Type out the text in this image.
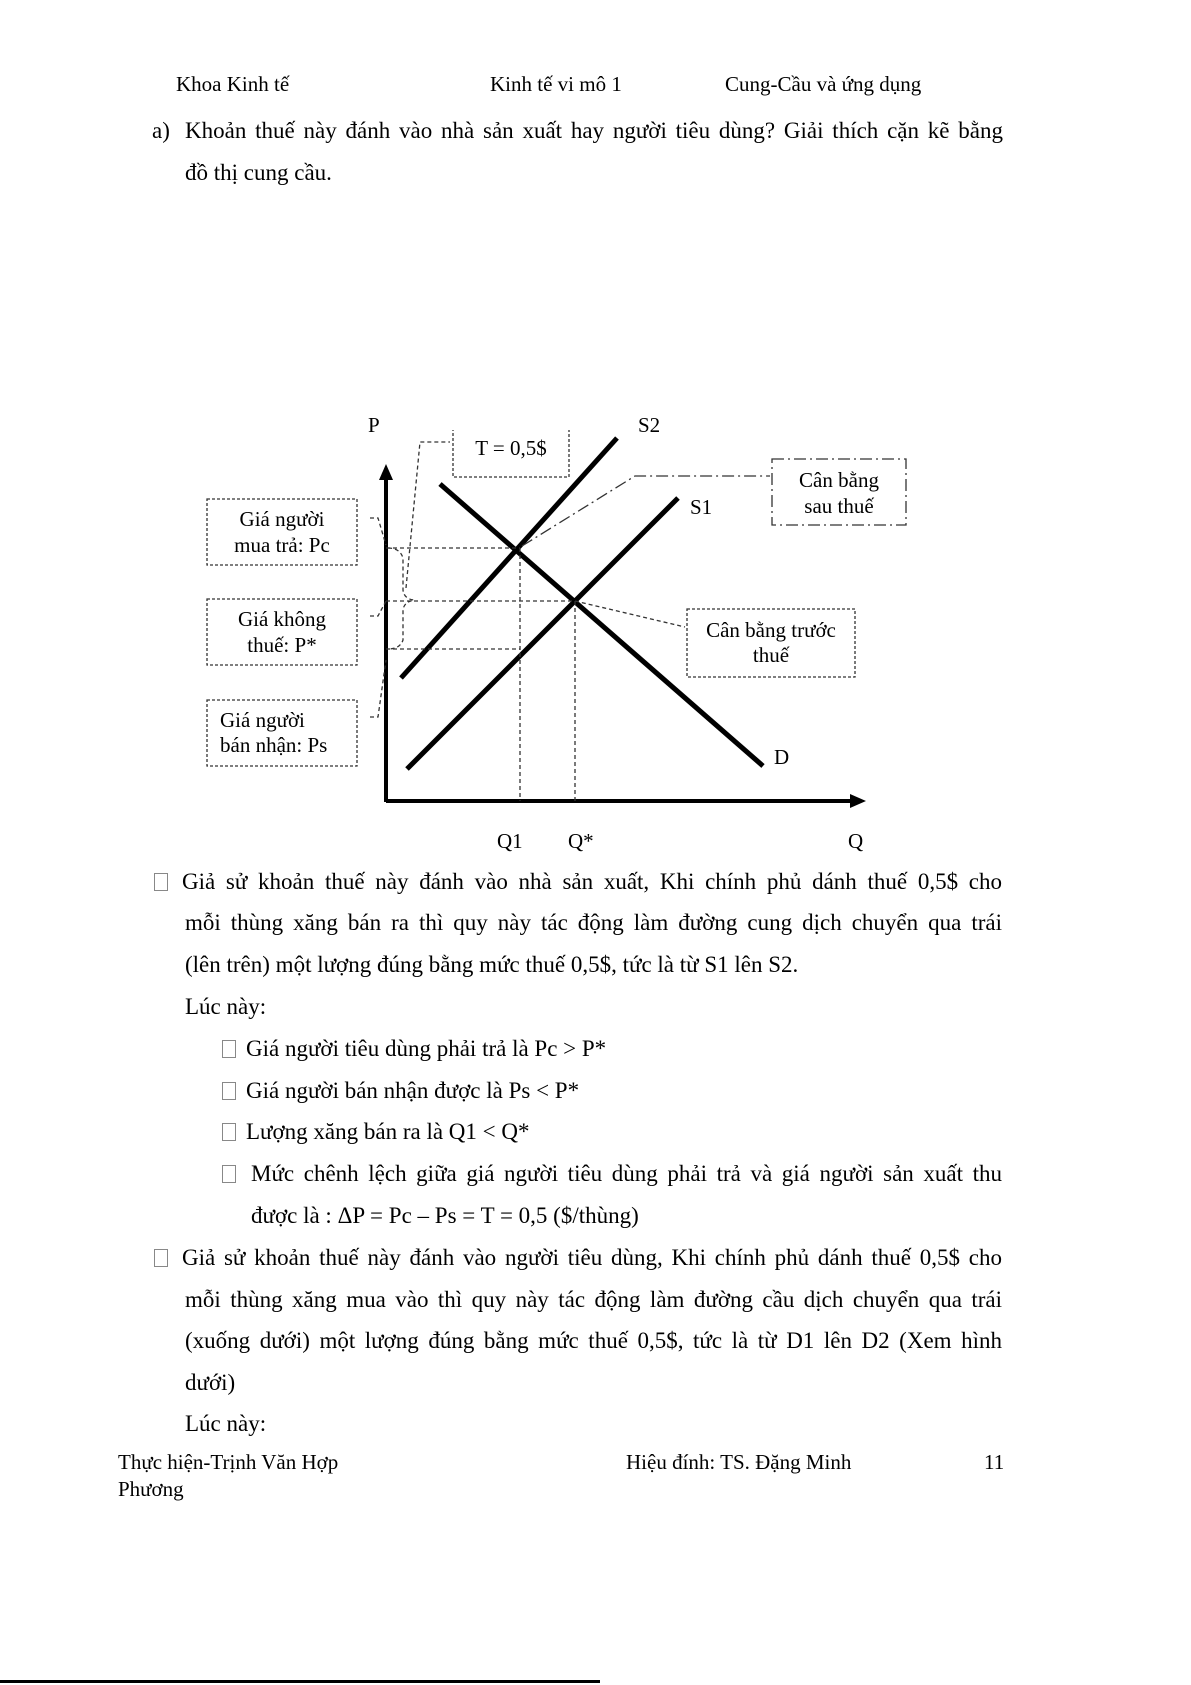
Khoa Kinh tế	Kinh tế vi mô 1	Cung-Cầu và ứng dụng
a) Khoản thuế này đánh vào nhà sản xuất hay người tiêu dùng? Giải thích cặn kẽ bằng
đồ thị cung cầu.
P	S2
S1
D
Q1 Q*	Q
T = 0,5$
Giá người
mua trả: Pc
Giá không
thuế: P*
Giá người
bán nhận: Ps
Cân bằng
sau thuế
Cân bằng trước
thuế
Giả sử khoản thuế này đánh vào nhà sản xuất, Khi chính phủ dánh thuế 0,5$ cho
mỗi thùng xăng bán ra thì quy này tác động làm đường cung dịch chuyển qua trái
(lên trên) một lượng đúng bằng mức thuế 0,5$, tức là từ S1 lên S2.
Lúc này:
Giá người tiêu dùng phải trả là Pc > P*
Giá người bán nhận được là Ps < P*
Lượng xăng bán ra là Q1 < Q*
Mức chênh lệch giữa giá người tiêu dùng phải trả và giá người sản xuất thu
được là : ΔP = Pc – Ps = T = 0,5 ($/thùng)
Giả sử khoản thuế này đánh vào người tiêu dùng, Khi chính phủ dánh thuế 0,5$ cho
mỗi thùng xăng mua vào thì quy này tác động làm đường cầu dịch chuyển qua trái
(xuống dưới) một lượng đúng bằng mức thuế 0,5$, tức là từ D1 lên D2 (Xem hình
dưới)
Lúc này:
Thực hiện-Trịnh Văn Hợp
Phương
Hiệu đính: TS. Đặng Minh	11
